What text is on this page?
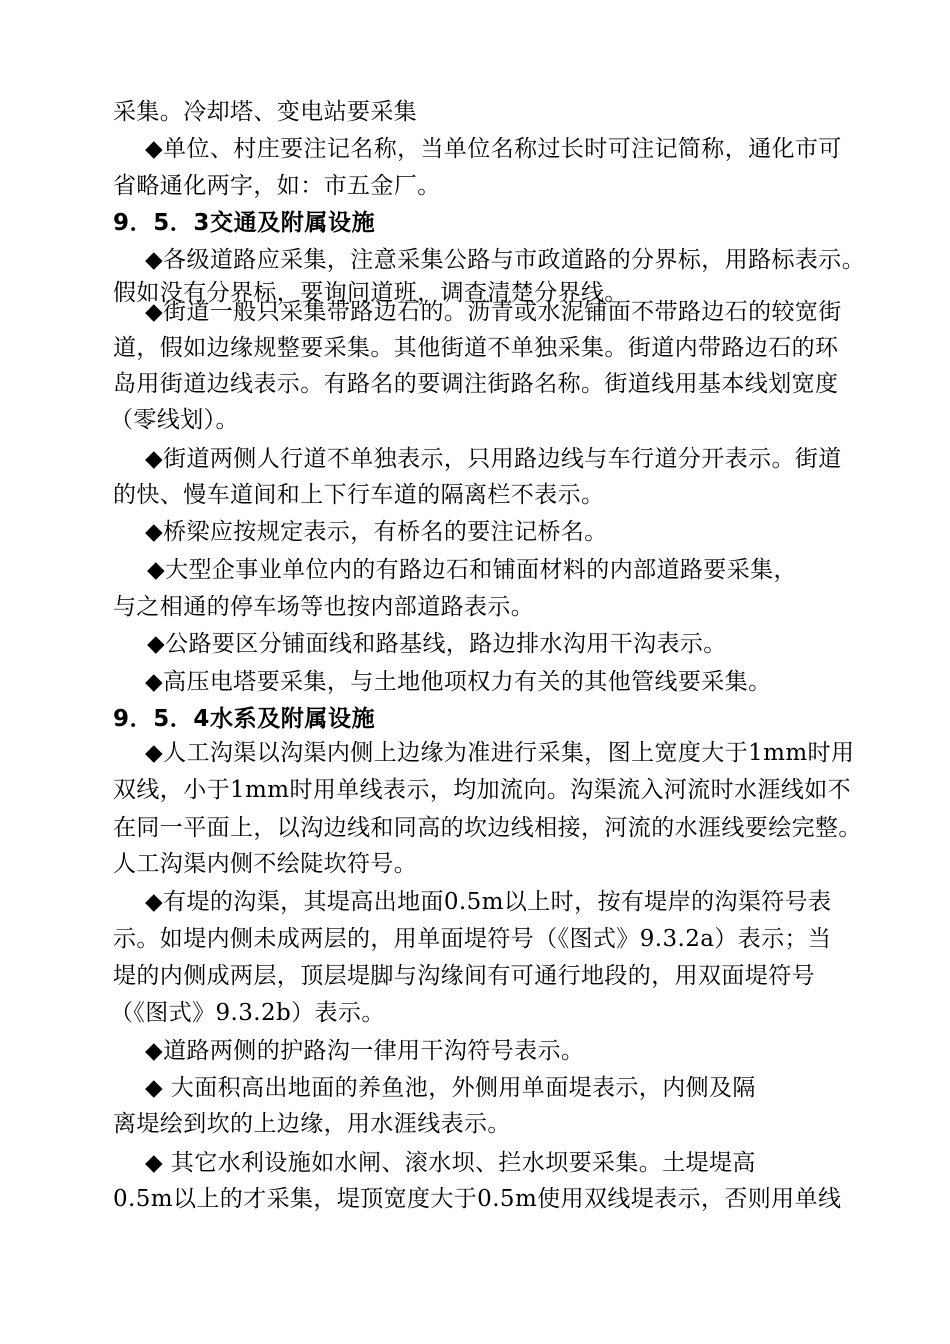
采集。冷却塔、变电站要采集
◆单位、村庄要注记名称，当单位名称过长时可注记简称，通化市可
省略通化两字，如：市五金厂。
9．5．3交通及附属设施
◆各级道路应采集，注意采集公路与市政道路的分界标，用路标表示。
假如没有分界标，要询问道班，调查清楚分界线。
◆街道一般只采集带路边石的。沥青或水泥铺面不带路边石的较宽街
道，假如边缘规整要采集。其他街道不单独采集。街道内带路边石的环
岛用街道边线表示。有路名的要调注街路名称。街道线用基本线划宽度
（零线划）。
◆街道两侧人行道不单独表示，只用路边线与车行道分开表示。街道
的快、慢车道间和上下行车道的隔离栏不表示。
◆桥梁应按规定表示，有桥名的要注记桥名。
◆大型企事业单位内的有路边石和铺面材料的内部道路要采集，
与之相通的停车场等也按内部道路表示。
◆公路要区分铺面线和路基线，路边排水沟用干沟表示。
◆高压电塔要采集，与土地他项权力有关的其他管线要采集。
9．5．4水系及附属设施
◆人工沟渠以沟渠内侧上边缘为准进行采集，图上宽度大于1mm时用
双线，小于1mm时用单线表示，均加流向。沟渠流入河流时水涯线如不
在同一平面上，以沟边线和同高的坎边线相接，河流的水涯线要绘完整。
人工沟渠内侧不绘陡坎符号。
◆有堤的沟渠，其堤高出地面0.5m以上时，按有堤岸的沟渠符号表
示。如堤内侧未成两层的，用单面堤符号（《图式》9.3.2a）表示；当
堤的内侧成两层，顶层堤脚与沟缘间有可通行地段的，用双面堤符号
（《图式》9.3.2b）表示。
◆道路两侧的护路沟一律用干沟符号表示。
◆ 大面积高出地面的养鱼池，外侧用单面堤表示，内侧及隔
离堤绘到坎的上边缘，用水涯线表示。
◆ 其它水利设施如水闸、滚水坝、拦水坝要采集。土堤堤高
0.5m以上的才采集，堤顶宽度大于0.5m使用双线堤表示，否则用单线
